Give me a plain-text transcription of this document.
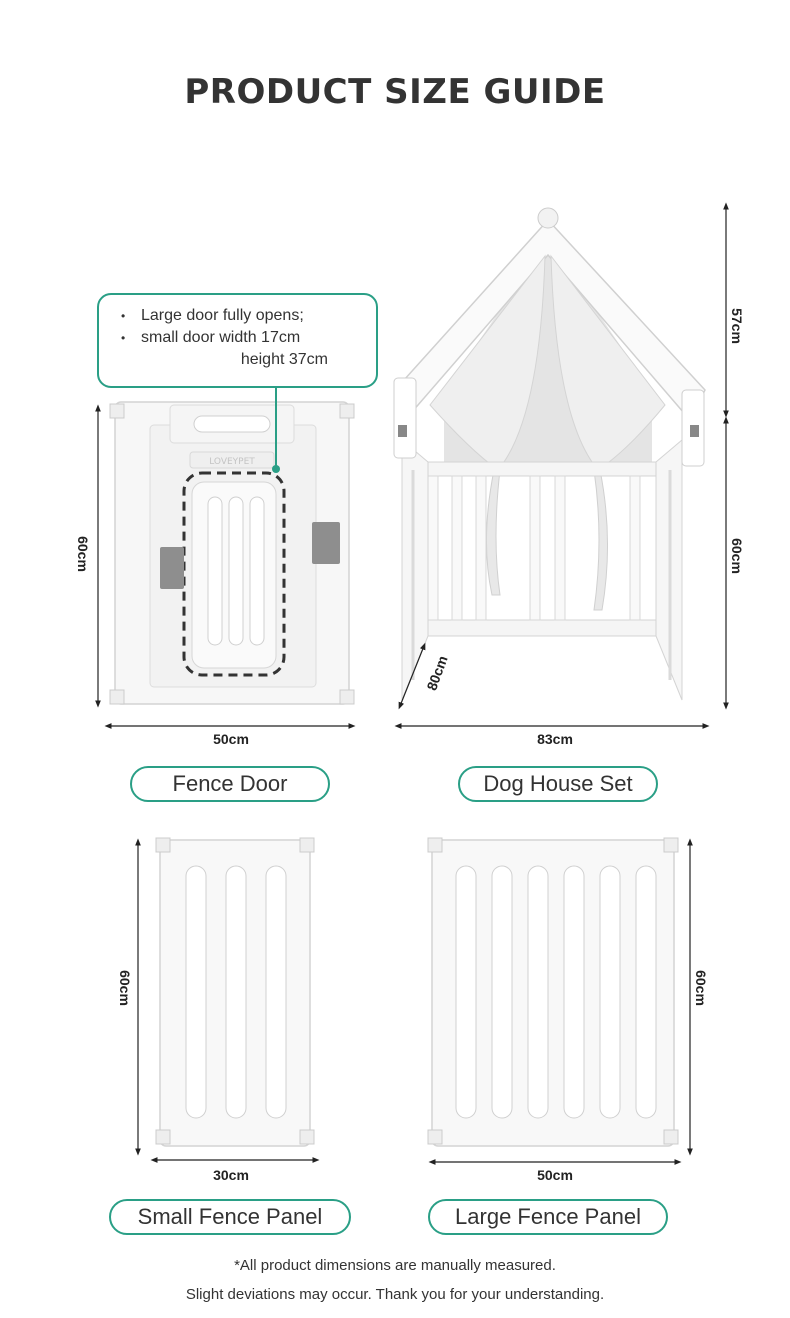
PRODUCT SIZE GUIDE
LOVEYPET
• Large door fully opens;
• small door width 17cm
height 37cm
60cm
50cm
57cm
60cm
83cm
80cm
60cm
30cm
60cm
50cm
Fence Door	Dog House Set
Small Fence Panel	Large Fence Panel
*All product dimensions are manually measured.
Slight deviations may occur. Thank you for your understanding.
